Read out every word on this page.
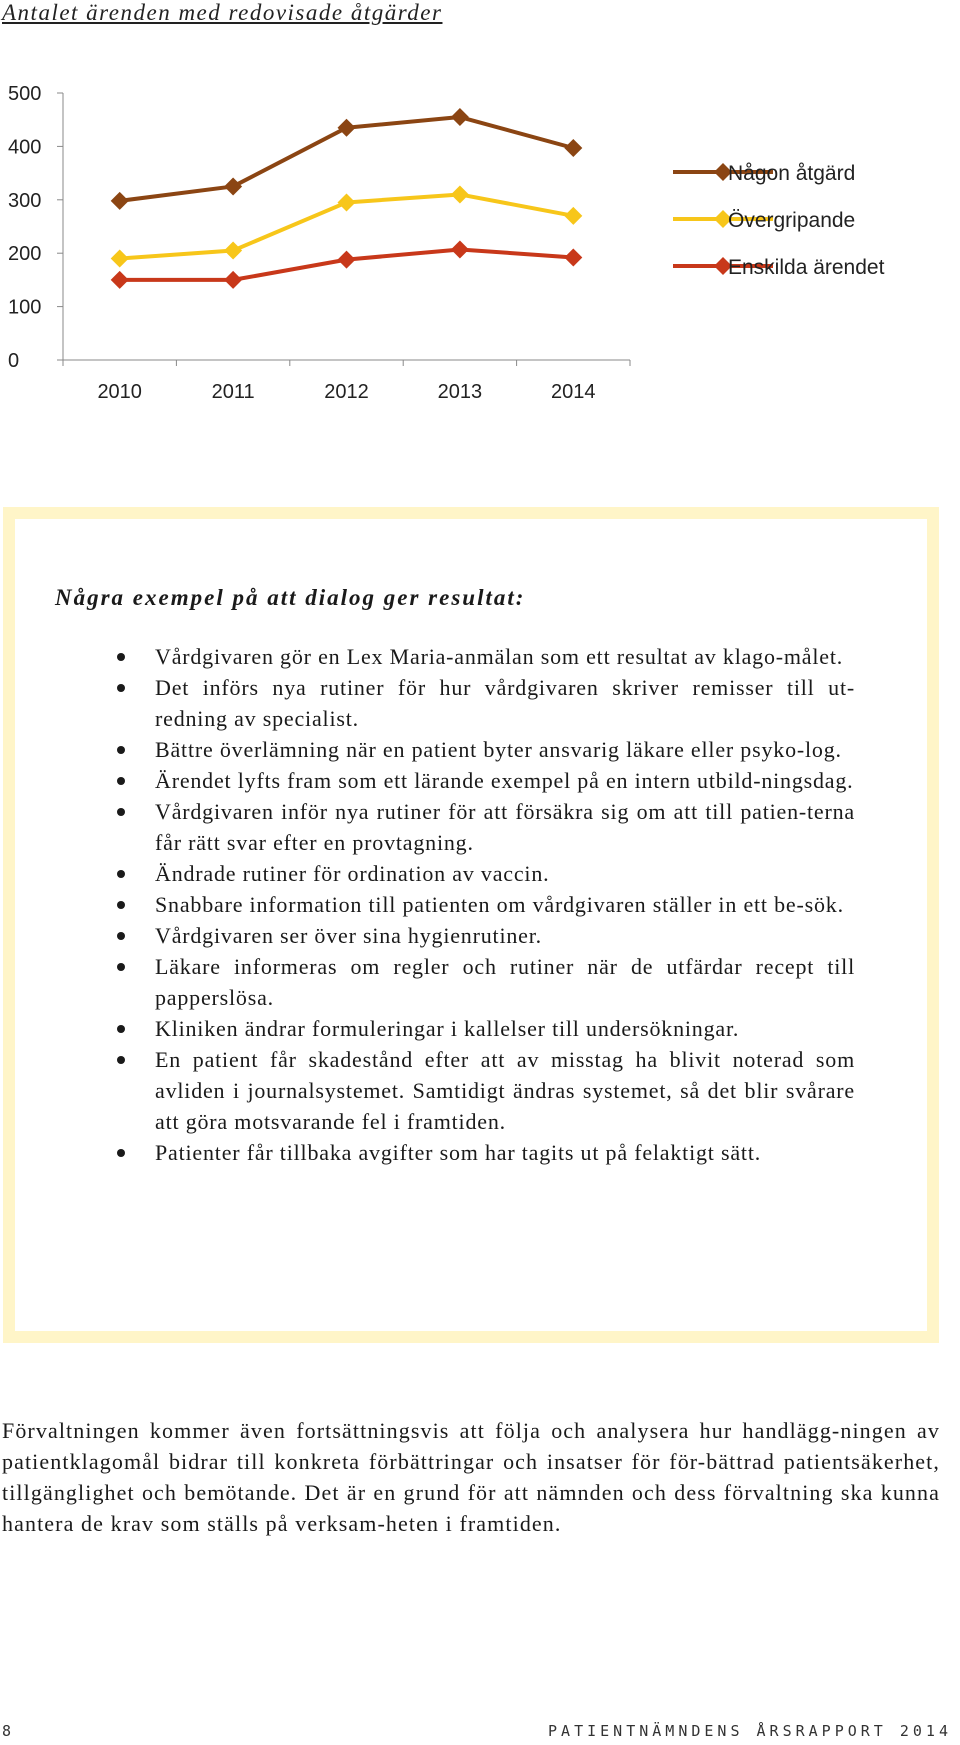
Antalet ärenden med redovisade åtgärder
0
100
200
300
400
500
2010	2011	2012	2013	2014
Någon åtgärd
Övergripande
Enskilda ärendet
Några exempel på att dialog ger resultat:
Vårdgivaren gör en Lex Maria-anmälan som ett resultat av klago-målet.
Det införs nya rutiner för hur vårdgivaren skriver remisser till ut-redning av specialist.
Bättre överlämning när en patient byter ansvarig läkare eller psyko-log.
Ärendet lyfts fram som ett lärande exempel på en intern utbild-ningsdag.
Vårdgivaren inför nya rutiner för att försäkra sig om att till patien-terna får rätt svar efter en provtagning.
Ändrade rutiner för ordination av vaccin.
Snabbare information till patienten om vårdgivaren ställer in ett be-sök.
Vårdgivaren ser över sina hygienrutiner.
Läkare informeras om regler och rutiner när de utfärdar recept till papperslösa.
Kliniken ändrar formuleringar i kallelser till undersökningar.
En patient får skadestånd efter att av misstag ha blivit noterad som avliden i journalsystemet. Samtidigt ändras systemet, så det blir svårare att göra motsvarande fel i framtiden.
Patienter får tillbaka avgifter som har tagits ut på felaktigt sätt.

Förvaltningen kommer även fortsättningsvis att följa och analysera hur handlägg-ningen av patientklagomål bidrar till konkreta förbättringar och insatser för för-bättrad patientsäkerhet, tillgänglighet och bemötande. Det är en grund för att nämnden och dess förvaltning ska kunna hantera de krav som ställs på verksam-heten i framtiden.

8	PATIENTNÄMNDENS ÅRSRAPPORT 2014
